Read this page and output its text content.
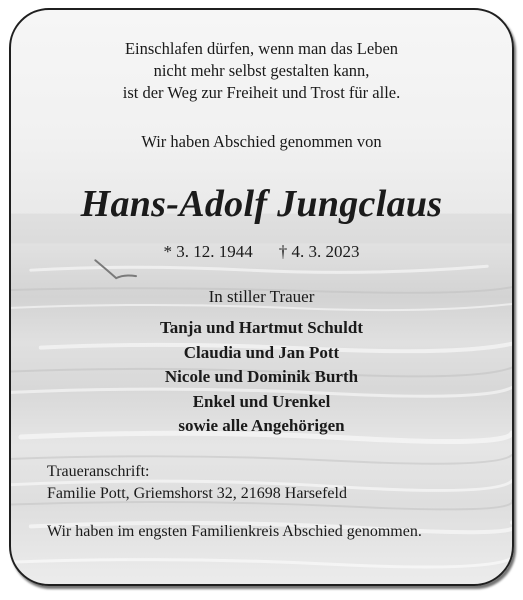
Einschlafen dürfen, wenn man das Leben
nicht mehr selbst gestalten kann,
ist der Weg zur Freiheit und Trost für alle.
Wir haben Abschied genommen von
Hans-Adolf Jungclaus
* 3. 12. 1944 † 4. 3. 2023
In stiller Trauer
Tanja und Hartmut Schuldt
Claudia und Jan Pott
Nicole und Dominik Burth
Enkel und Urenkel
sowie alle Angehörigen
Traueranschrift:
Familie Pott, Griemshorst 32, 21698 Harsefeld
Wir haben im engsten Familienkreis Abschied genommen.
